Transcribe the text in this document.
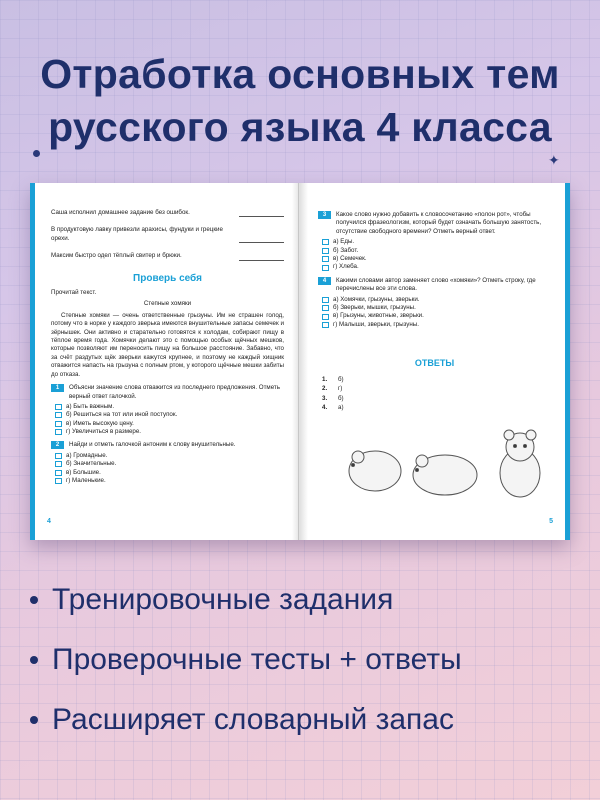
Отработка основных тем
русского языка 4 класса
✦
Саша исполнил домашнее задание без ошибок.
В продуктовую лавку привезли арахисы, фундуки и грецкие орехи.
Максим быстро одел тёплый свитер и брюки.
Проверь себя
Прочитай текст.
Степные хомяки
Степные хомяки — очень ответственные грызуны. Им не страшен голод, потому что в норке у каждого зверька имеются внушительные запасы семечек и зёрнышек. Они активно и старательно готовятся к холодам, собирают пищу в тёплое время года. Хомячки делают это с помощью особых щёчных мешков, которые позволяют им переносить пищу на большое расстояние. Забавно, что за счёт раздутых щёк зверьки кажутся крупнее, и поэтому не каждый хищник отважится напасть на грызуна с полным ртом, у которого щёчные мешки забиты до отказа.
1	Объясни значение слова отважится из последнего предложения. Отметь верный ответ галочкой.
а) Быть важным.
б) Решиться на тот или иной поступок.
в) Иметь высокую цену.
г) Увеличиться в размере.
2	Найди и отметь галочкой антоним к слову внушительные.
а) Громадные.
б) Значительные.
в) Большие.
г) Маленькие.
4
3	Какое слово нужно добавить к словосочетанию «полон рот», чтобы получился фразеологизм, который будет означать большую занятость, отсутствие свободного времени? Отметь верный ответ.
а) Еды.
б) Забот.
в) Семечек.
г) Хлеба.
4	Какими словами автор заменяет слово «хомяки»? Отметь строку, где перечислены все эти слова.
а) Хомячки, грызуны, зверьки.
б) Зверьки, мышки, грызуны.
в) Грызуны, животные, зверьки.
г) Малыши, зверьки, грызуны.
ОТВЕТЫ
1.	б)
2.	г)
3.	б)
4.	а)
5
Тренировочные задания
Проверочные тесты + ответы
Расширяет словарный запас
